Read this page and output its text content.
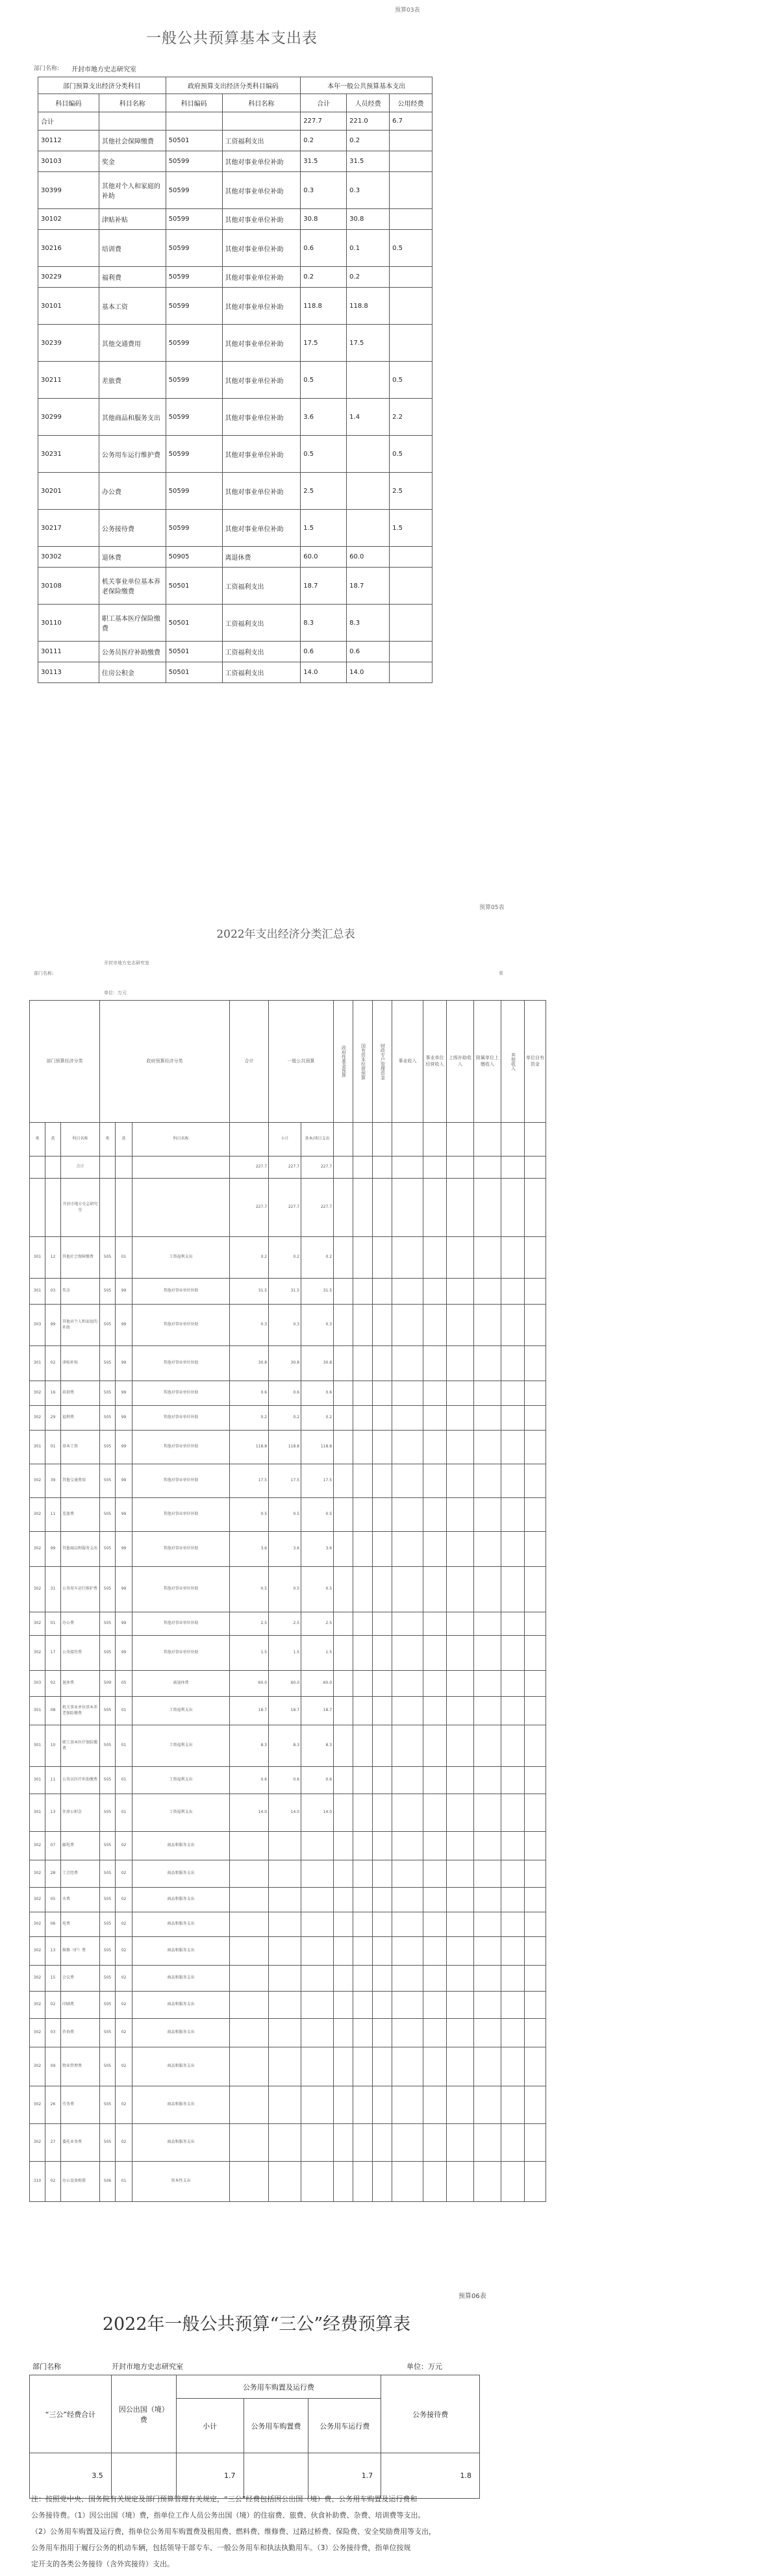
预算03表
一般公共预算基本支出表
部门名称: 开封市地方史志研究室
部门预算支出经济分类科目		政府预算支出经济分类科目编码		本年一般公共预算基本支出		
科目编码	科目名称	科目编码	科目名称	合计	人员经费	公用经费
合计				227.7	221.0	6.7
30112	其他社会保障缴费	50501	工资福利支出	0.2	0.2	
30103	奖金	50599	其他对事业单位补助	31.5	31.5	
30399	其他对个人和家庭的补助	50599	其他对事业单位补助	0.3	0.3	
30102	津贴补贴	50599	其他对事业单位补助	30.8	30.8	
30216	培训费	50599	其他对事业单位补助	0.6	0.1	0.5
30229	福利费	50599	其他对事业单位补助	0.2	0.2	
30101	基本工资	50599	其他对事业单位补助	118.8	118.8	
30239	其他交通费用	50599	其他对事业单位补助	17.5	17.5	
30211	差旅费	50599	其他对事业单位补助	0.5		0.5
30299	其他商品和服务支出	50599	其他对事业单位补助	3.6	1.4	2.2
30231	公务用车运行维护费	50599	其他对事业单位补助	0.5		0.5
30201	办公费	50599	其他对事业单位补助	2.5		2.5
30217	公务接待费	50599	其他对事业单位补助	1.5		1.5
30302	退休费	50905	离退休费	60.0	60.0	
30108	机关事业单位基本养老保险缴费	50501	工资福利支出	18.7	18.7	
30110	职工基本医疗保险缴费	50501	工资福利支出	8.3	8.3	
30111	公务员医疗补助缴费	50501	工资福利支出	0.6	0.6	
30113	住房公积金	50501	工资福利支出	14.0	14.0	
预算05表
2022年支出经济分类汇总表
部门名称:
开封市地方史志研究室
单
单位：万元
部门预算经济分类			政府预算经济分类			合计	一般公共预算		政府性基金预算	国有资本经营预算	财政专户管理资金	事业收入	事业单位经营收入	上级补助收入	附属单位上缴收入	其他收入	单位自有资金
类	款	科目名称	类	款	科目名称		小计	基本/项目支出									
		合计				227.7	227.7	227.7									
		开封市地方史志研究室				227.7	227.7	227.7									
301	12	其他社会保障缴费	505	01	工资福利支出	0.2	0.2	0.2									
301	03	奖金	505	99	其他对事业单位补助	31.5	31.5	31.5									
303	99	其他对个人和家庭的补助	505	99	其他对事业单位补助	0.3	0.3	0.3									
301	02	津贴补贴	505	99	其他对事业单位补助	30.8	30.8	30.8									
302	16	培训费	505	99	其他对事业单位补助	0.6	0.6	0.6									
302	29	福利费	505	99	其他对事业单位补助	0.2	0.2	0.2									
301	01	基本工资	505	99	其他对事业单位补助	118.8	118.8	118.8									
302	39	其他交通费用	505	99	其他对事业单位补助	17.5	17.5	17.5									
302	11	差旅费	505	99	其他对事业单位补助	0.5	0.5	0.5									
302	99	其他商品和服务支出	505	99	其他对事业单位补助	3.6	3.6	3.6									
302	31	公务用车运行维护费	505	99	其他对事业单位补助	0.5	0.5	0.5									
302	01	办公费	505	99	其他对事业单位补助	2.5	2.5	2.5									
302	17	公务接待费	505	99	其他对事业单位补助	1.5	1.5	1.5									
303	02	退休费	509	05	离退休费	60.0	60.0	60.0									
301	08	机关事业单位基本养老保险缴费	505	01	工资福利支出	18.7	18.7	18.7									
301	10	职工基本医疗保险缴费	505	01	工资福利支出	8.3	8.3	8.3									
301	11	公务员医疗补助缴费	505	01	工资福利支出	0.6	0.6	0.6									
301	13	住房公积金	505	01	工资福利支出	14.0	14.0	14.0									
302	07	邮电费	505	02	商品和服务支出												
302	28	工会经费	505	02	商品和服务支出												
302	05	水费	505	02	商品和服务支出												
302	06	电费	505	02	商品和服务支出												
302	13	维修（护）费	505	02	商品和服务支出												
302	15	会议费	505	02	商品和服务支出												
302	02	印刷费	505	02	商品和服务支出												
302	03	咨询费	505	02	商品和服务支出												
302	09	物业管理费	505	02	商品和服务支出												
302	26	劳务费	505	02	商品和服务支出												
302	27	委托业务费	505	02	商品和服务支出												
310	02	办公设备购置	506	01	资本性支出												
预算06表
2022年一般公共预算“三公”经费预算表
部门名称	开封市地方史志研究室	单位：万元
“三公”经费合计	因公出国（境）费	公务用车购置及运行费			公务接待费
		小计	公务用车购置费	公务用车运行费	
3.5		1.7		1.7	1.8
注：按照党中央、国务院有关规定及部门预算管理有关规定，“三公”经费包括因公出国（境）费、公务用车购置及运行费和
公务接待费。（1）因公出国（境）费，指单位工作人员公务出国（境）的住宿费、旅费、伙食补助费、杂费、培训费等支出。
（2）公务用车购置及运行费，指单位公务用车购置费及租用费、燃料费、维修费、过路过桥费、保险费、安全奖励费用等支出，
公务用车指用于履行公务的机动车辆，包括领导干部专车、一般公务用车和执法执勤用车。（3）公务接待费，指单位按规
定开支的各类公务接待（含外宾接待）支出。
